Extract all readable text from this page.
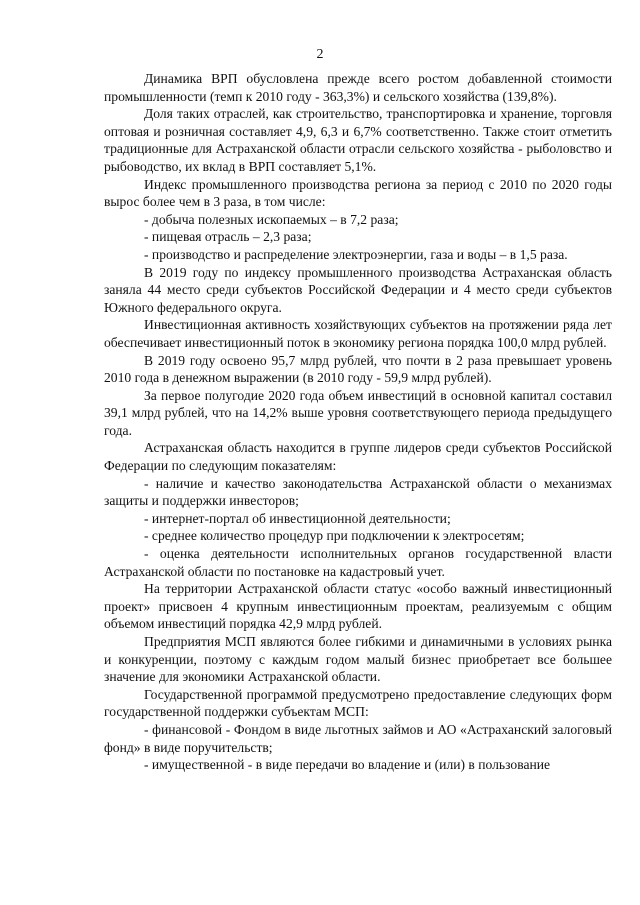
2

Динамика ВРП обусловлена прежде всего ростом добавленной стоимости промышленности (темп к 2010 году - 363,3%) и сельского хозяйства (139,8%).

Доля таких отраслей, как строительство, транспортировка и хранение, торговля оптовая и розничная составляет 4,9, 6,3 и 6,7% соответственно. Также стоит отметить традиционные для Астраханской области отрасли сельского хозяйства - рыболовство и рыбоводство, их вклад в ВРП составляет 5,1%.

Индекс промышленного производства региона за период с 2010 по 2020 годы вырос более чем в 3 раза, в том числе:

- добыча полезных ископаемых – в 7,2 раза;

- пищевая отрасль – 2,3 раза;

- производство и распределение электроэнергии, газа и воды – в 1,5 раза.

В 2019 году по индексу промышленного производства Астраханская область заняла 44 место среди субъектов Российской Федерации и 4 место среди субъектов Южного федерального округа.

Инвестиционная активность хозяйствующих субъектов на протяжении ряда лет обеспечивает инвестиционный поток в экономику региона порядка 100,0 млрд рублей.

В 2019 году освоено 95,7 млрд рублей, что почти в 2 раза превышает уровень 2010 года в денежном выражении (в 2010 году - 59,9 млрд рублей).

За первое полугодие 2020 года объем инвестиций в основной капитал составил 39,1 млрд рублей, что на 14,2% выше уровня соответствующего периода предыдущего года.

Астраханская область находится в группе лидеров среди субъектов Российской Федерации по следующим показателям:

- наличие и качество законодательства Астраханской области о механизмах защиты и поддержки инвесторов;

- интернет-портал об инвестиционной деятельности;

- среднее количество процедур при подключении к электросетям;

- оценка деятельности исполнительных органов государственной власти Астраханской области по постановке на кадастровый учет.

На территории Астраханской области статус «особо важный инвестиционный проект» присвоен 4 крупным инвестиционным проектам, реализуемым с общим объемом инвестиций порядка 42,9 млрд рублей.

Предприятия МСП являются более гибкими и динамичными в условиях рынка и конкуренции, поэтому с каждым годом малый бизнес приобретает все большее значение для экономики Астраханской области.

Государственной программой предусмотрено предоставление следующих форм государственной поддержки субъектам МСП:

- финансовой - Фондом в виде льготных займов и АО «Астраханский залоговый фонд» в виде поручительств;

- имущественной - в виде передачи во владение и (или) в пользование
